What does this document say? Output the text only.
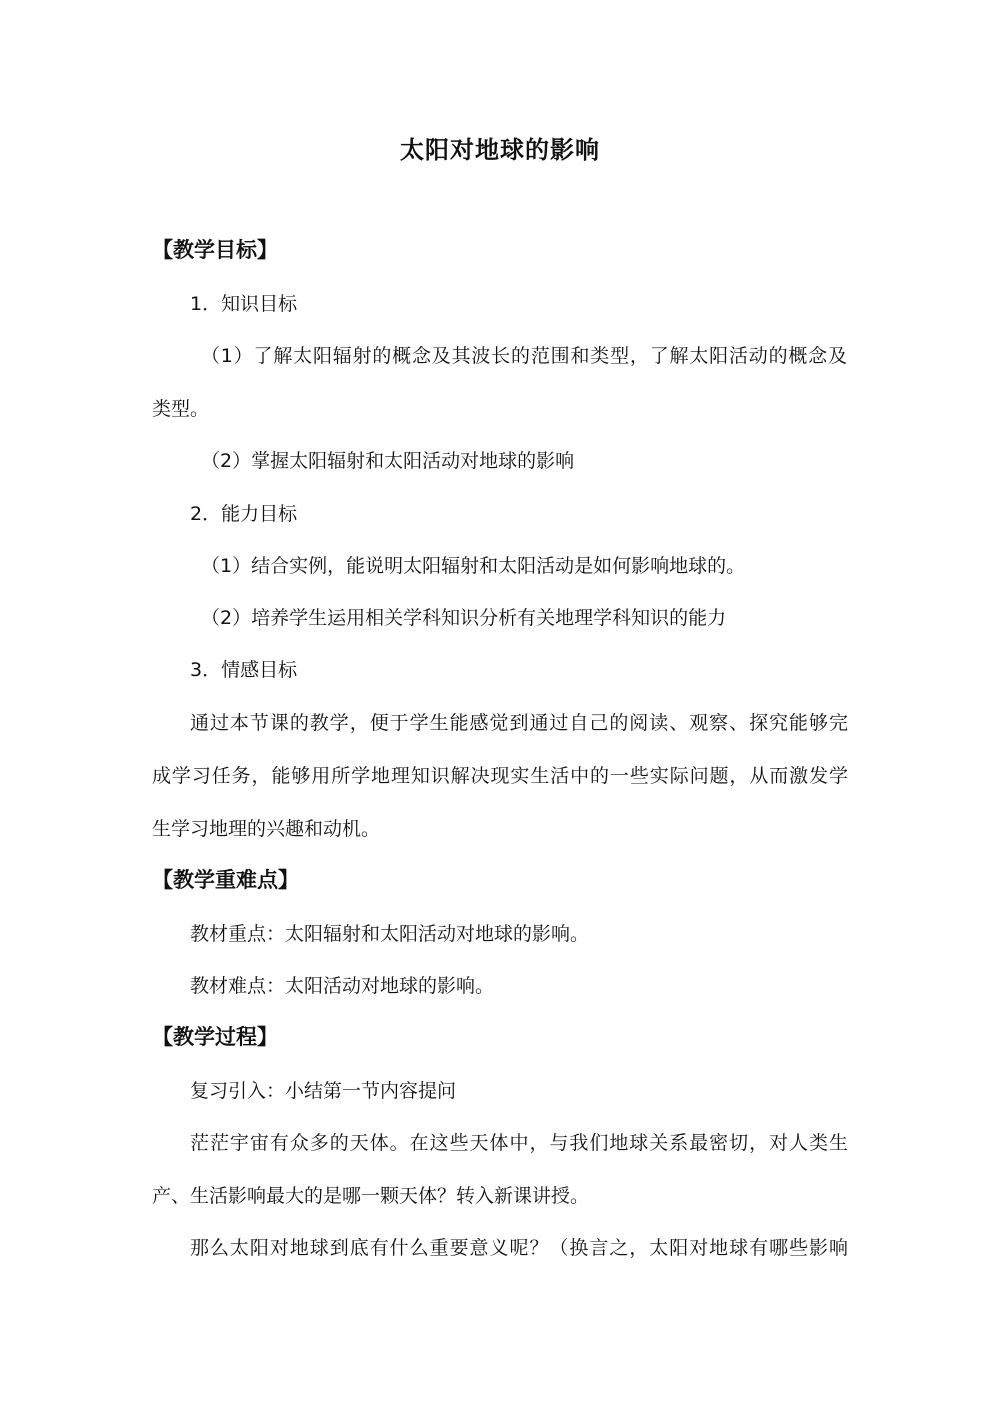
太阳对地球的影响
【教学目标】
1．知识目标
（1）了解太阳辐射的概念及其波长的范围和类型，了解太阳活动的概念及
类型。
（2）掌握太阳辐射和太阳活动对地球的影响
2．能力目标
（1）结合实例，能说明太阳辐射和太阳活动是如何影响地球的。
（2）培养学生运用相关学科知识分析有关地理学科知识的能力
3．情感目标
通过本节课的教学，便于学生能感觉到通过自己的阅读、观察、探究能够完
成学习任务，能够用所学地理知识解决现实生活中的一些实际问题，从而激发学
生学习地理的兴趣和动机。
【教学重难点】
教材重点：太阳辐射和太阳活动对地球的影响。
教材难点：太阳活动对地球的影响。
【教学过程】
复习引入：小结第一节内容提问
茫茫宇宙有众多的天体。在这些天体中，与我们地球关系最密切，对人类生
产、生活影响最大的是哪一颗天体？转入新课讲授。
那么太阳对地球到底有什么重要意义呢？（换言之，太阳对地球有哪些影响
